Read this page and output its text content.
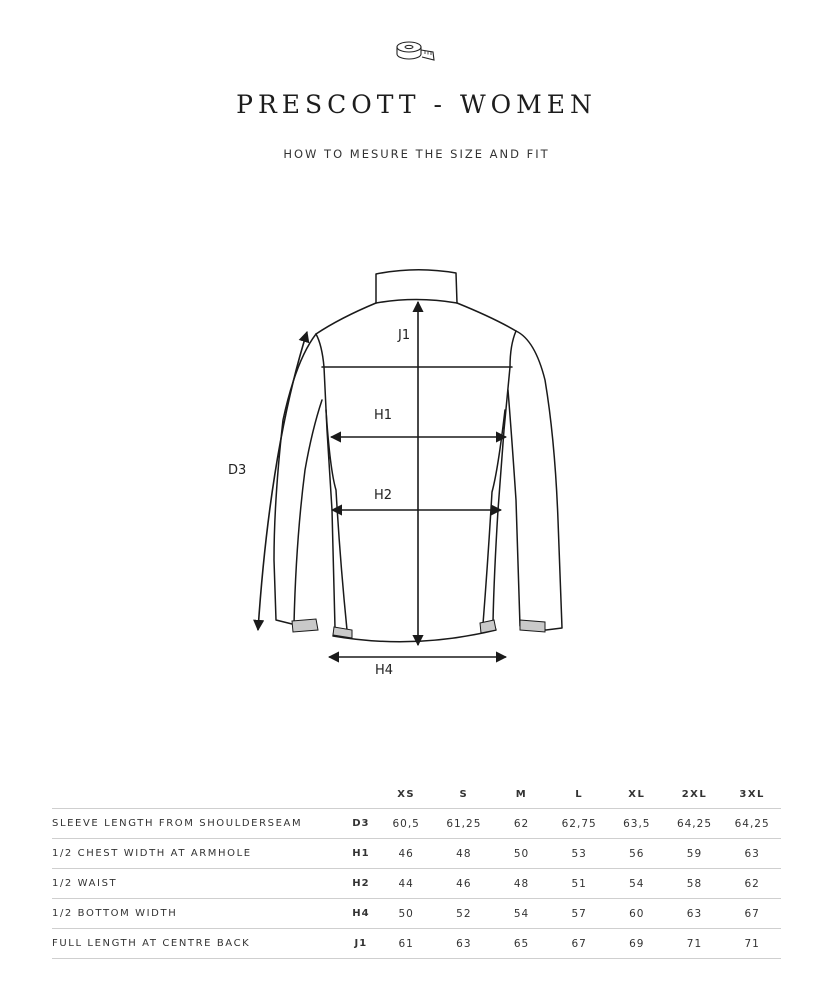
PRESCOTT - WOMEN
HOW TO MESURE THE SIZE AND FIT
J1
H1
H2
D3
H4
		XS	S	M	L	XL	2XL	3XL
SLEEVE LENGTH FROM SHOULDERSEAM	D3	60,5	61,25	62	62,75	63,5	64,25	64,25
1/2 CHEST WIDTH AT ARMHOLE	H1	46	48	50	53	56	59	63
1/2 WAIST	H2	44	46	48	51	54	58	62
1/2 BOTTOM WIDTH	H4	50	52	54	57	60	63	67
FULL LENGTH AT CENTRE BACK	J1	61	63	65	67	69	71	71
